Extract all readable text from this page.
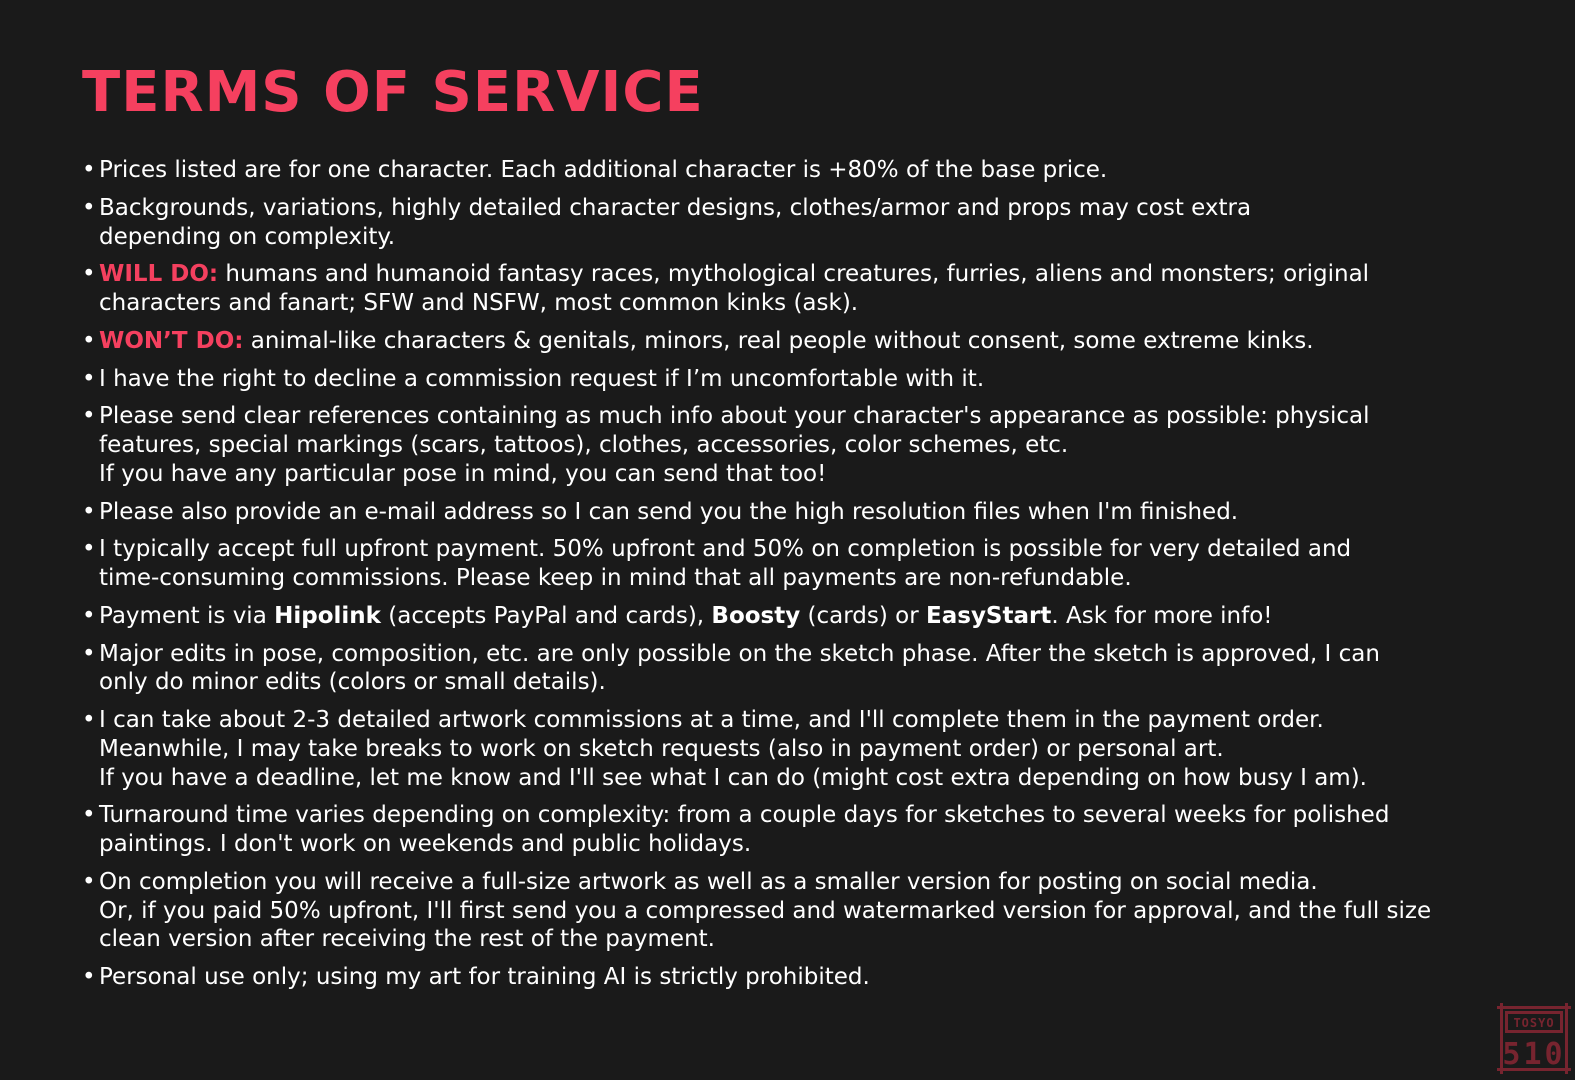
TERMS OF SERVICE
• Prices listed are for one character. Each additional character is +80% of the base price.
• Backgrounds, variations, highly detailed character designs, clothes/armor and props may cost extra
depending on complexity.
• WILL DO: humans and humanoid fantasy races, mythological creatures, furries, aliens and monsters; original
characters and fanart; SFW and NSFW, most common kinks (ask).
• WON’T DO: animal-like characters & genitals, minors, real people without consent, some extreme kinks.
• I have the right to decline a commission request if I’m uncomfortable with it.
• Please send clear references containing as much info about your character's appearance as possible: physical
features, special markings (scars, tattoos), clothes, accessories, color schemes, etc.
If you have any particular pose in mind, you can send that too!
• Please also provide an e-mail address so I can send you the high resolution files when I'm finished.
• I typically accept full upfront payment. 50% upfront and 50% on completion is possible for very detailed and
time-consuming commissions. Please keep in mind that all payments are non-refundable.
• Payment is via Hipolink (accepts PayPal and cards), Boosty (cards) or EasyStart. Ask for more info!
• Major edits in pose, composition, etc. are only possible on the sketch phase. After the sketch is approved, I can
only do minor edits (colors or small details).
• I can take about 2-3 detailed artwork commissions at a time, and I'll complete them in the payment order.
Meanwhile, I may take breaks to work on sketch requests (also in payment order) or personal art.
If you have a deadline, let me know and I'll see what I can do (might cost extra depending on how busy I am).
• Turnaround time varies depending on complexity: from a couple days for sketches to several weeks for polished
paintings. I don't work on weekends and public holidays.
• On completion you will receive a full-size artwork as well as a smaller version for posting on social media.
Or, if you paid 50% upfront, I'll first send you a compressed and watermarked version for approval, and the full size
clean version after receiving the rest of the payment.
• Personal use only; using my art for training AI is strictly prohibited.
TOSYO
510
